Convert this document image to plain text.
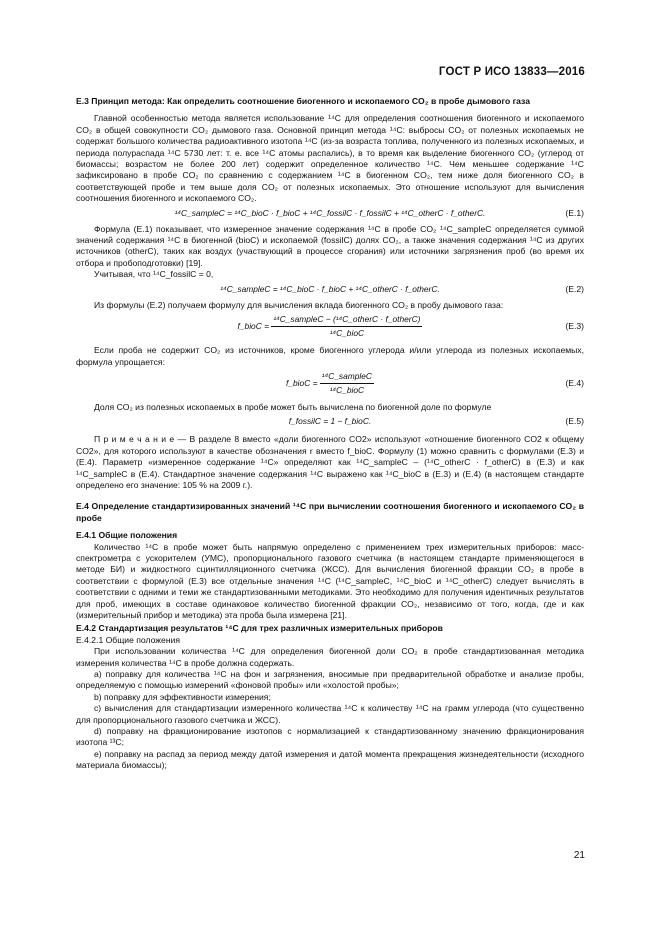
ГОСТ Р ИСО 13833—2016

E.3 Принцип метода: Как определить соотношение биогенного и ископаемого CO₂ в пробе дымового газа

Главной особенностью метода является использование ¹⁴C для определения соотношения биогенного и ископаемого CO₂ в общей совокупности CO₂ дымового газа. Основной принцип метода ¹⁴C: выбросы CO₂ от полезных ископаемых не содержат большого количества радиоактивного изотопа ¹⁴C (из-за возраста топлива, полученного из полезных ископаемых, и периода полураспада ¹⁴C 5730 лет: т. е. все ¹⁴C атомы распались), в то время как выделение биогенного CO₂ (углерод от биомассы; возрастом не более 200 лет) содержит определенное количество ¹⁴C. Чем меньшее содержание ¹⁴C зафиксировано в пробе CO₂ по сравнению с содержанием ¹⁴C в биогенном CO₂, тем ниже доля биогенного CO₂ в соответствующей пробе и тем выше доля CO₂ от полезных ископаемых. Это отношение используют для вычисления соотношения биогенного и ископаемого CO₂.

¹⁴C_sampleC = ¹⁴C_bioC · f_bioC + ¹⁴C_fossilC · f_fossilC + ¹⁴C_otherC · f_otherC.	(E.1)

Формула (E.1) показывает, что измеренное значение содержания ¹⁴C в пробе CO₂ ¹⁴C_sampleC определяется суммой значений содержания ¹⁴C в биогенной (bioC) и ископаемой (fossilC) долях CO₂, а также значения содержания ¹⁴C из других источников (otherC), таких как воздух (участвующий в процессе сгорания) или источники загрязнения проб (во время их отбора и пробоподготовки) [19].

Учитывая, что ¹⁴C_fossilC = 0,

¹⁴C_sampleC = ¹⁴C_bioC · f_bioC + ¹⁴C_otherC · f_otherC.	(E.2)

Из формулы (E.2) получаем формулу для вычисления вклада биогенного CO₂ в пробу дымового газа:

f_bioC =
¹⁴C_sampleC − (¹⁴C_otherC · f_otherC)
¹⁴C_bioC
(E.3)

Если проба не содержит CO₂ из источников, кроме биогенного углерода и/или углерода из полезных ископаемых, формула упрощается:

f_bioC =
¹⁴C_sampleC
¹⁴C_bioC
(E.4)

Доля CO₂ из полезных ископаемых в пробе может быть вычислена по биогенной доле по формуле

f_fossilC = 1 − f_bioC.	(E.5)

П р и м е ч а н и е — В разделе 8 вместо «доли биогенного CO2» используют «отношение биогенного CO2 к общему CO2», для которого используют в качестве обозначения r вместо f_bioC. Формулу (1) можно сравнить с формулами (E.3) и (E.4). Параметр «измеренное содержание ¹⁴C» определяют как ¹⁴C_sampleC – (¹⁴C_otherC · f_otherC) в (E.3) и как ¹⁴C_sampleC в (E.4). Стандартное значение содержания ¹⁴C выражено как ¹⁴C_bioC в (E.3) и (E.4) (в настоящем стандарте определено его значение: 105 % на 2009 г.).

E.4 Определение стандартизированных значений ¹⁴C при вычислении соотношения биогенного и ископаемого CO₂ в пробе

E.4.1 Общие положения

Количество ¹⁴C в пробе может быть напрямую определено с применением трех измерительных приборов: масс-спектрометра с ускорителем (УМС), пропорционального газового счетчика (в настоящем стандарте применяющегося в методе БИ) и жидкостного сцинтилляционного счетчика (ЖСС). Для вычисления биогенной фракции CO₂ в пробе в соответствии с формулой (E.3) все отдельные значения ¹⁴C (¹⁴C_sampleC, ¹⁴C_bioC и ¹⁴C_otherC) следует вычислять в соответствии с одними и теми же стандартизованными методиками. Это необходимо для получения идентичных результатов для проб, имеющих в составе одинаковое количество биогенной фракции CO₂, независимо от того, когда, где и как (измерительный прибор и методика) эта проба была измерена [21].

E.4.2 Стандартизация результатов ¹⁴C для трех различных измерительных приборов

E.4.2.1 Общие положения

При использовании количества ¹⁴C для определения биогенной доли CO₂ в пробе стандартизованная методика измерения количества ¹⁴C в пробе должна содержать.

а) поправку для количества ¹⁴C на фон и загрязнения, вносимые при предварительной обработке и анализе пробы, определяемую с помощью измерений «фоновой пробы» или «холостой пробы»;

b) поправку для эффективности измерения;

с) вычисления для стандартизации измеренного количества ¹⁴C к количеству ¹⁴C на грамм углерода (что существенно для пропорционального газового счетчика и ЖСС).

d) поправку на фракционирование изотопов с нормализацией к стандартизованному значению фракционирования изотопа ¹³C;

е) поправку на распад за период между датой измерения и датой момента прекращения жизнедеятельности (исходного материала биомассы);

21
